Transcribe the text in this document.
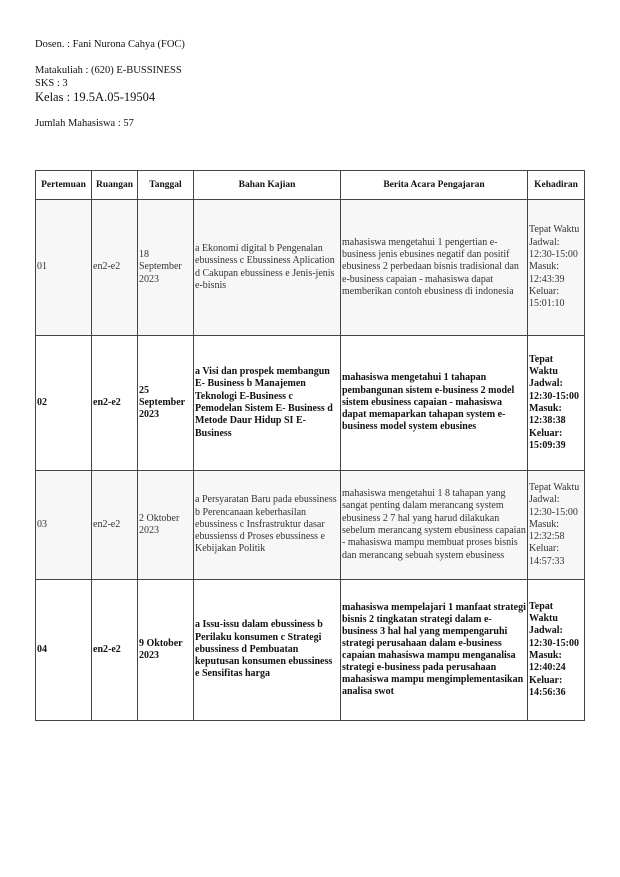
Dosen. : Fani Nurona Cahya (FOC)
Matakuliah : (620) E-BUSSINESS
SKS : 3
Kelas : 19.5A.05-19504
Jumlah Mahasiswa : 57
Pertemuan	Ruangan	Tanggal	Bahan Kajian	Berita Acara Pengajaran	Kehadiran
01	en2-e2	18 September 2023	a Ekonomi digital b Pengenalan ebussiness c Ebussiness Aplication d Cakupan ebussiness e Jenis-jenis e-bisnis	mahasiswa mengetahui 1 pengertian e-business jenis ebusines negatif dan positif ebusiness 2 perbedaan bisnis tradisional dan e-business capaian - mahasiswa dapat memberikan contoh ebusiness di indonesia	Tepat Waktu Jadwal: 12:30-15:00 Masuk: 12:43:39 Keluar: 15:01:10
02	en2-e2	25 September 2023	a Visi dan prospek membangun E- Business b Manajemen Teknologi E-Business c Pemodelan Sistem E- Business d Metode Daur Hidup SI E-Business	mahasiswa mengetahui 1 tahapan pembangunan sistem e-business 2 model sistem ebusiness capaian - mahasiswa dapat memaparkan tahapan system e-business model system ebusines	Tepat Waktu Jadwal: 12:30-15:00 Masuk: 12:38:38 Keluar: 15:09:39
03	en2-e2	2 Oktober 2023	a Persyaratan Baru pada ebussiness b Perencanaan keberhasilan ebussiness c Insfrastruktur dasar ebussienss d Proses ebussiness e Kebijakan Politik	mahasiswa mengetahui 1 8 tahapan yang sangat penting dalam merancang system ebusiness 2 7 hal yang harud dilakukan sebelum merancang system ebusiness capaian - mahasiswa mampu membuat proses bisnis dan merancang sebuah system ebusiness	Tepat Waktu Jadwal: 12:30-15:00 Masuk: 12:32:58 Keluar: 14:57:33
04	en2-e2	9 Oktober 2023	a Issu-issu dalam ebussiness b Perilaku konsumen c Strategi ebussiness d Pembuatan keputusan konsumen ebussiness e Sensifitas harga	mahasiswa mempelajari 1 manfaat strategi bisnis 2 tingkatan strategi dalam e-business 3 hal hal yang mempengaruhi strategi perusahaan dalam e-business capaian mahasiswa mampu menganalisa strategi e-business pada perusahaan mahasiswa mampu mengimplementasikan analisa swot	Tepat Waktu Jadwal: 12:30-15:00 Masuk: 12:40:24 Keluar: 14:56:36
